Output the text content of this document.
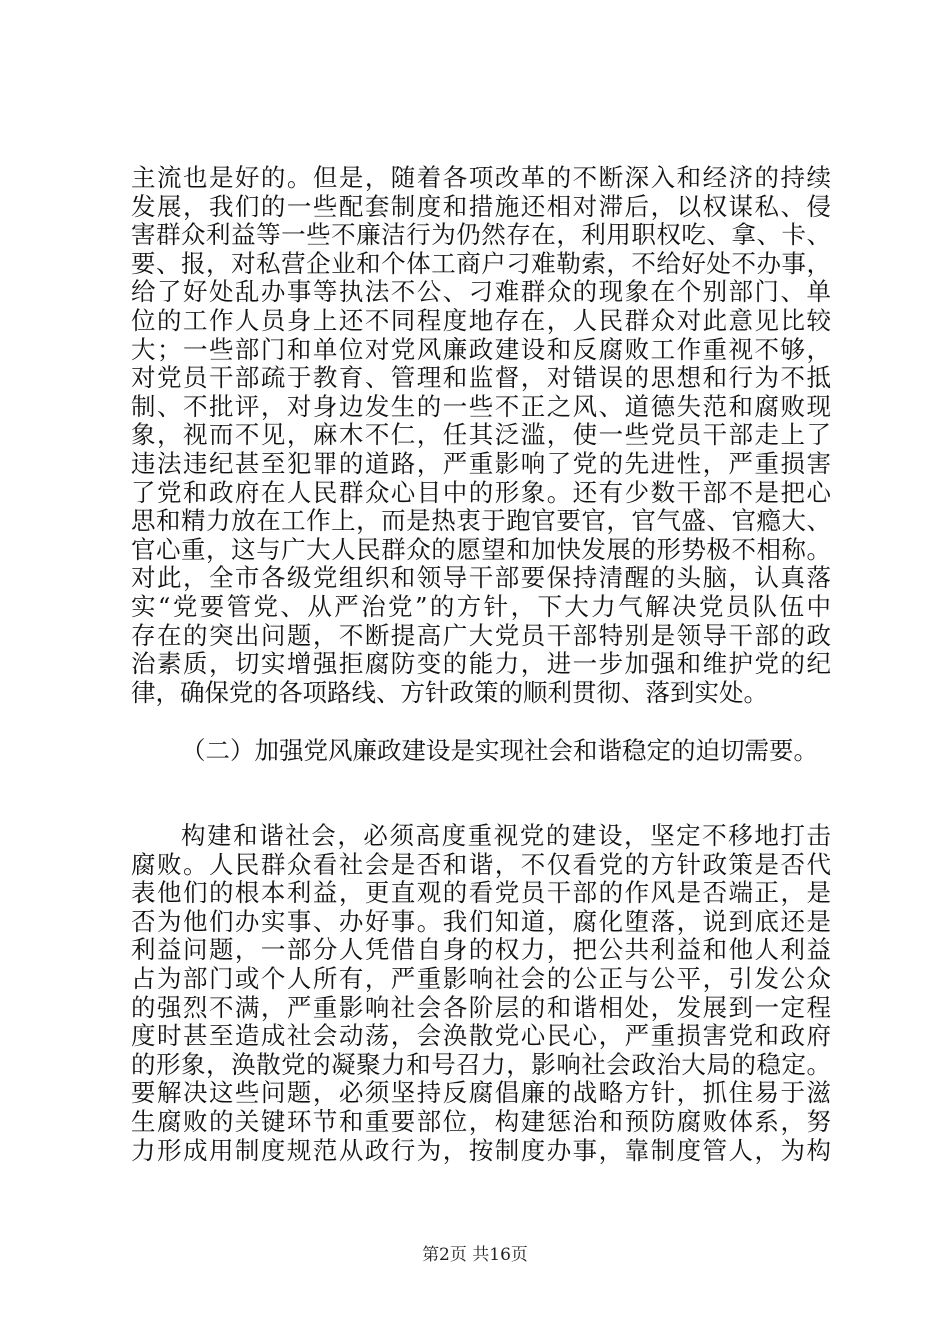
主流也是好的。但是，随着各项改革的不断深入和经济的持续
发展，我们的一些配套制度和措施还相对滞后，以权谋私、侵
害群众利益等一些不廉洁行为仍然存在，利用职权吃、拿、卡、
要、报，对私营企业和个体工商户刁难勒索，不给好处不办事，
给了好处乱办事等执法不公、刁难群众的现象在个别部门、单
位的工作人员身上还不同程度地存在，人民群众对此意见比较
大；一些部门和单位对党风廉政建设和反腐败工作重视不够，
对党员干部疏于教育、管理和监督，对错误的思想和行为不抵
制、不批评，对身边发生的一些不正之风、道德失范和腐败现
象，视而不见，麻木不仁，任其泛滥，使一些党员干部走上了
违法违纪甚至犯罪的道路，严重影响了党的先进性，严重损害
了党和政府在人民群众心目中的形象。还有少数干部不是把心
思和精力放在工作上，而是热衷于跑官要官，官气盛、官瘾大、
官心重，这与广大人民群众的愿望和加快发展的形势极不相称。
对此，全市各级党组织和领导干部要保持清醒的头脑，认真落
实“党要管党、从严治党”的方针，下大力气解决党员队伍中
存在的突出问题，不断提高广大党员干部特别是领导干部的政
治素质，切实增强拒腐防变的能力，进一步加强和维护党的纪
律，确保党的各项路线、方针政策的顺利贯彻、落到实处。
（二）加强党风廉政建设是实现社会和谐稳定的迫切需要。
构建和谐社会，必须高度重视党的建设，坚定不移地打击
腐败。人民群众看社会是否和谐，不仅看党的方针政策是否代
表他们的根本利益，更直观的看党员干部的作风是否端正，是
否为他们办实事、办好事。我们知道，腐化堕落，说到底还是
利益问题，一部分人凭借自身的权力，把公共利益和他人利益
占为部门或个人所有，严重影响社会的公正与公平，引发公众
的强烈不满，严重影响社会各阶层的和谐相处，发展到一定程
度时甚至造成社会动荡，会涣散党心民心，严重损害党和政府
的形象，涣散党的凝聚力和号召力，影响社会政治大局的稳定。
要解决这些问题，必须坚持反腐倡廉的战略方针，抓住易于滋
生腐败的关键环节和重要部位，构建惩治和预防腐败体系，努
力形成用制度规范从政行为，按制度办事，靠制度管人，为构
第2页 共16页
